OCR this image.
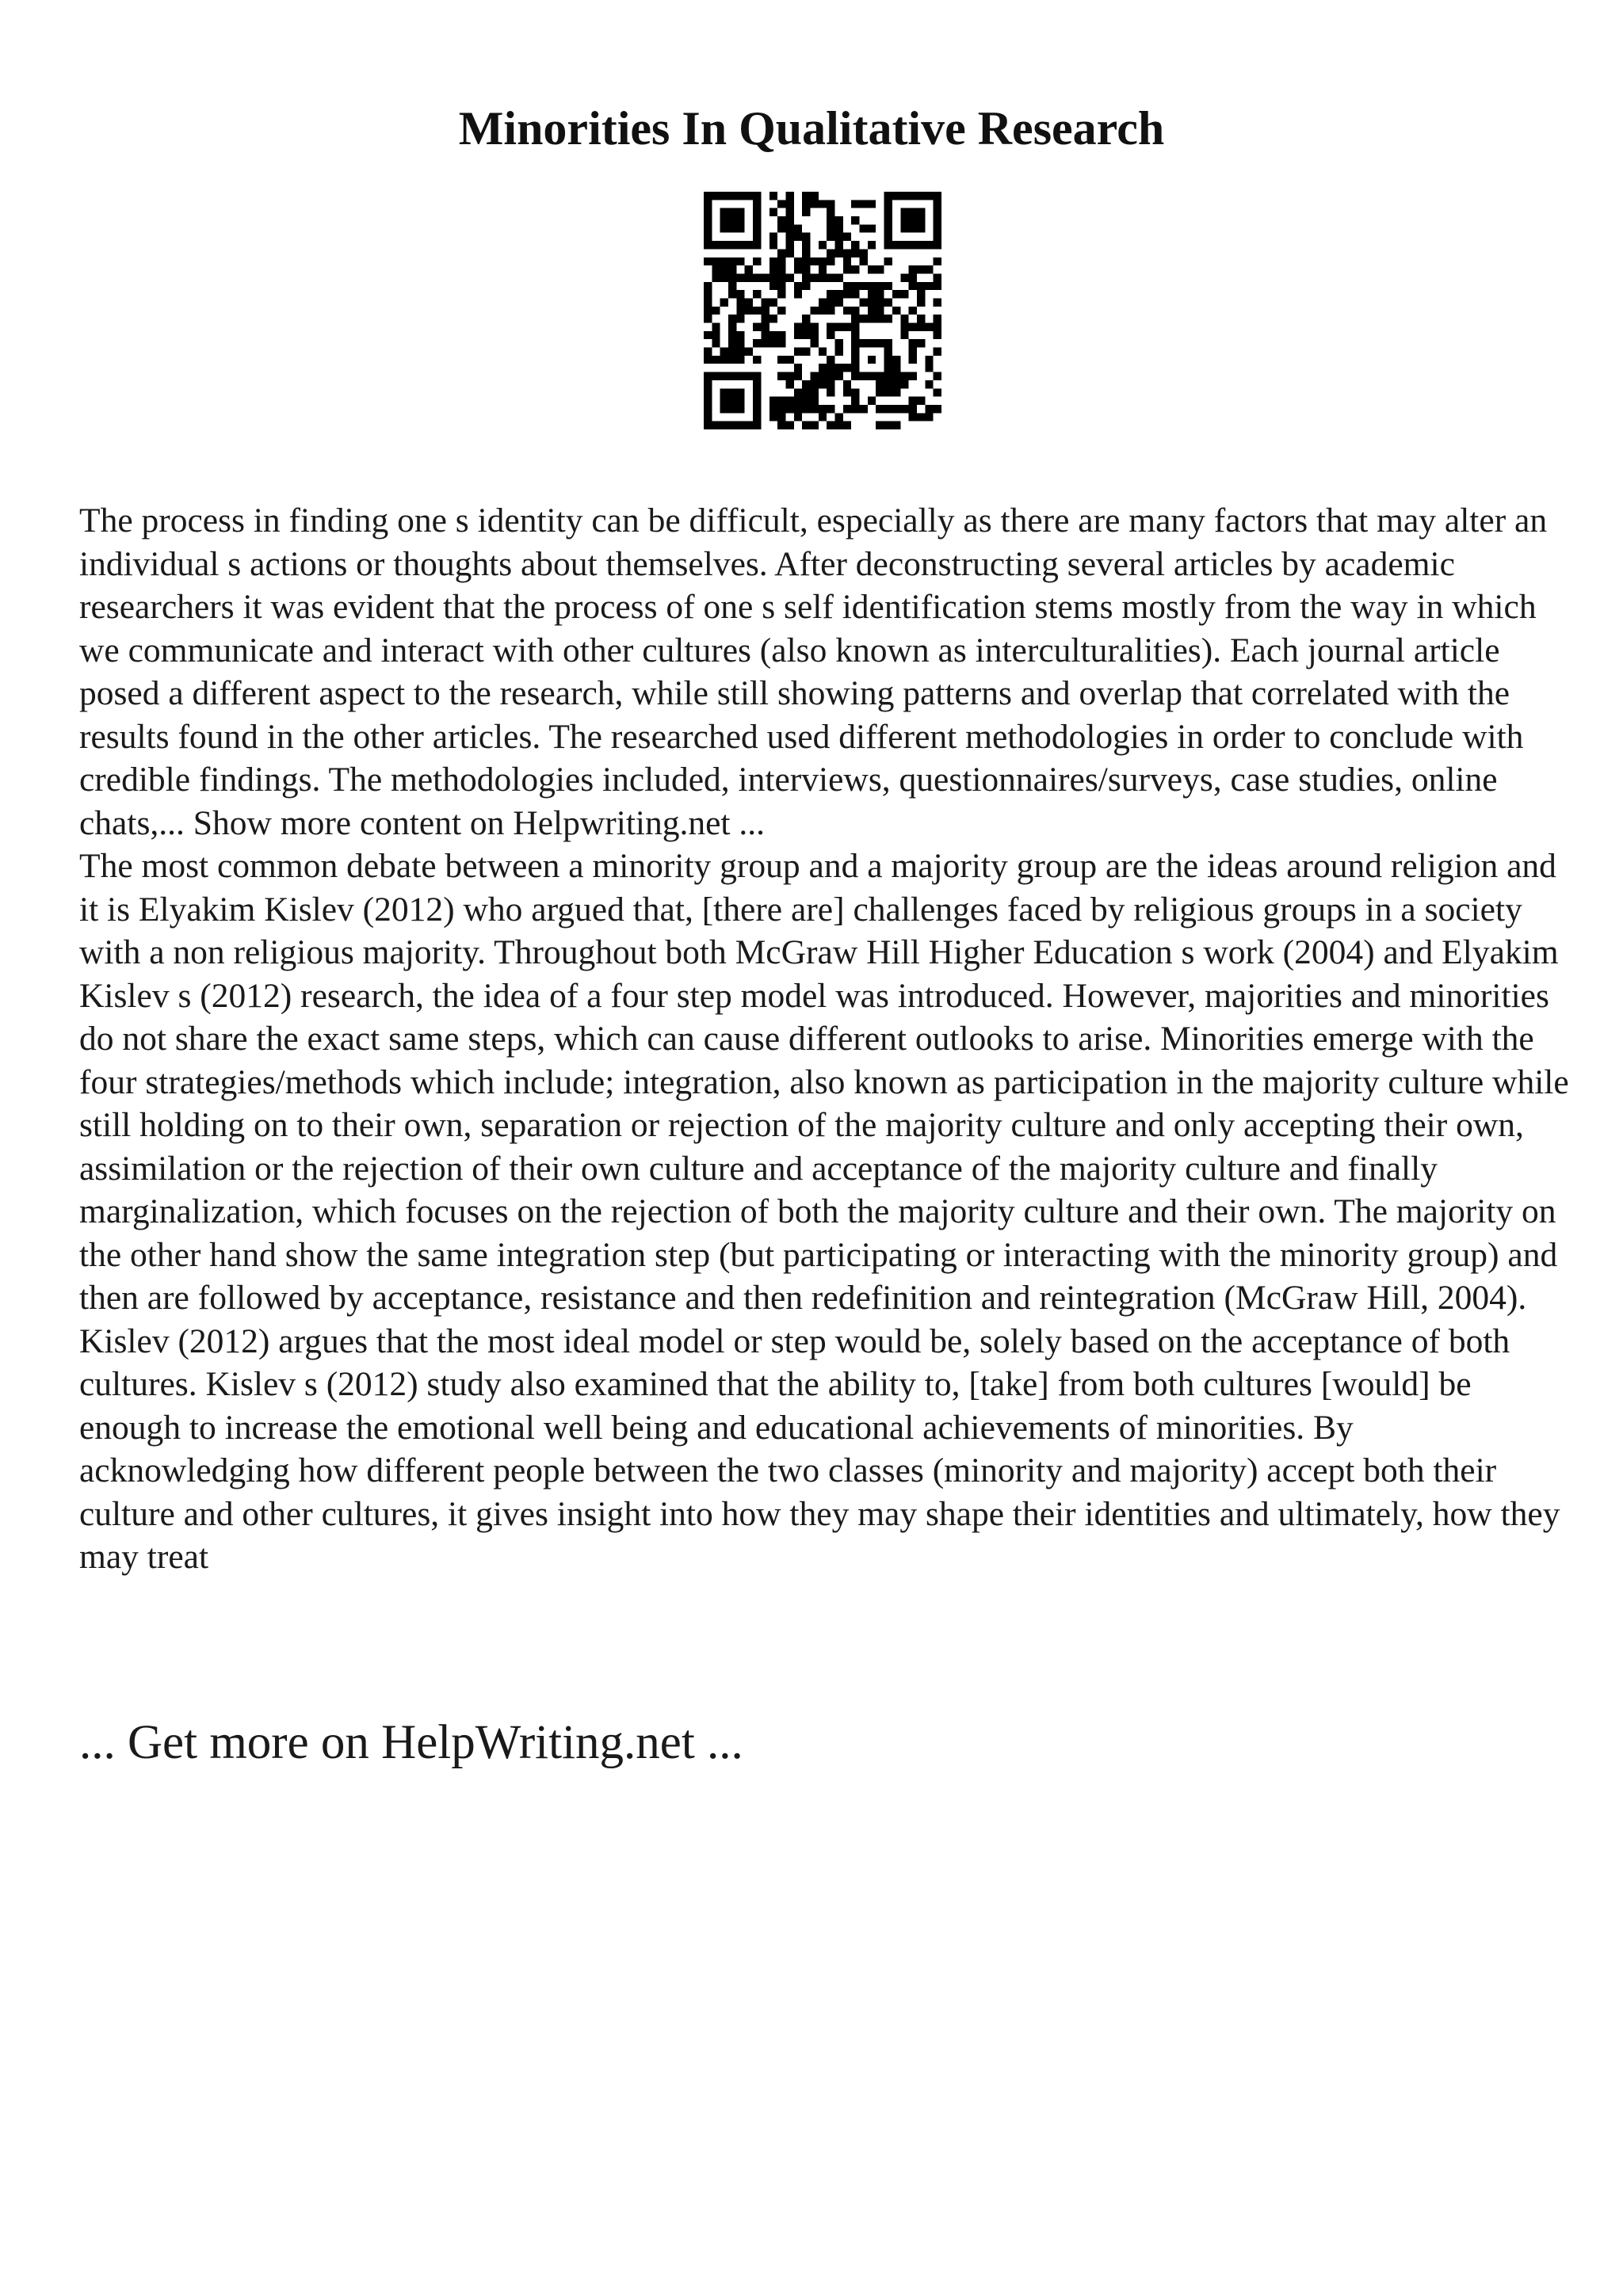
Minorities In Qualitative Research

The process in finding one s identity can be difficult, especially as there are many factors that may alter an individual s actions or thoughts about themselves. After deconstructing several articles by academic researchers it was evident that the process of one s self identification stems mostly from the way in which we communicate and interact with other cultures (also known as interculturalities). Each journal article posed a different aspect to the research, while still showing patterns and overlap that correlated with the results found in the other articles. The researched used different methodologies in order to conclude with credible findings. The methodologies included, interviews, questionnaires/surveys, case studies, online chats,... Show more content on Helpwriting.net ...

The most common debate between a minority group and a majority group are the ideas around religion and it is Elyakim Kislev (2012) who argued that, [there are] challenges faced by religious groups in a society with a non religious majority. Throughout both McGraw Hill Higher Education s work (2004) and Elyakim Kislev s (2012) research, the idea of a four step model was introduced. However, majorities and minorities do not share the exact same steps, which can cause different outlooks to arise. Minorities emerge with the four strategies/methods which include; integration, also known as participation in the majority culture while still holding on to their own, separation or rejection of the majority culture and only accepting their own, assimilation or the rejection of their own culture and acceptance of the majority culture and finally marginalization, which focuses on the rejection of both the majority culture and their own. The majority on the other hand show the same integration step (but participating or interacting with the minority group) and then are followed by acceptance, resistance and then redefinition and reintegration (McGraw Hill, 2004). Kislev (2012) argues that the most ideal model or step would be, solely based on the acceptance of both cultures. Kislev s (2012) study also examined that the ability to, [take] from both cultures [would] be enough to increase the emotional well being and educational achievements of minorities. By acknowledging how different people between the two classes (minority and majority) accept both their culture and other cultures, it gives insight into how they may shape their identities and ultimately, how they may treat

... Get more on HelpWriting.net ...
